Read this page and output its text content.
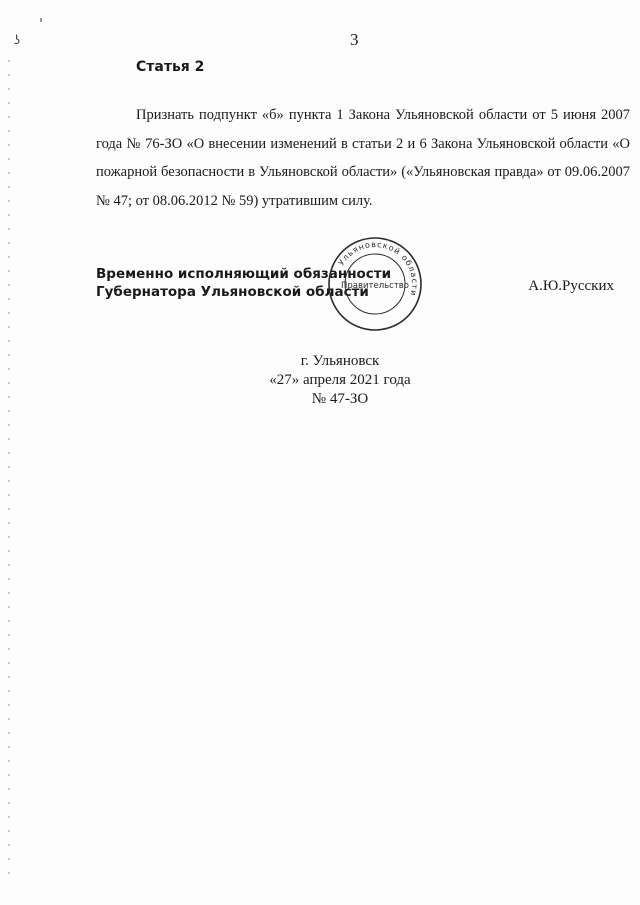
ʖ	3
Статья 2
Признать подпункт «б» пункта 1 Закона Ульяновской области от 5 июня 2007 года № 76-ЗО «О внесении изменений в статьи 2 и 6 Закона Ульяновской области «О пожарной безопасности в Ульяновской области» («Ульяновская правда» от 09.06.2007 № 47; от 08.06.2012 № 59) утратившим силу.
Временно исполняющий обязанности
Губернатора Ульяновской области
Ульяновской области
Правительство	А.Ю.Русских
г. Ульяновск
«27» апреля 2021 года
№ 47-ЗО
